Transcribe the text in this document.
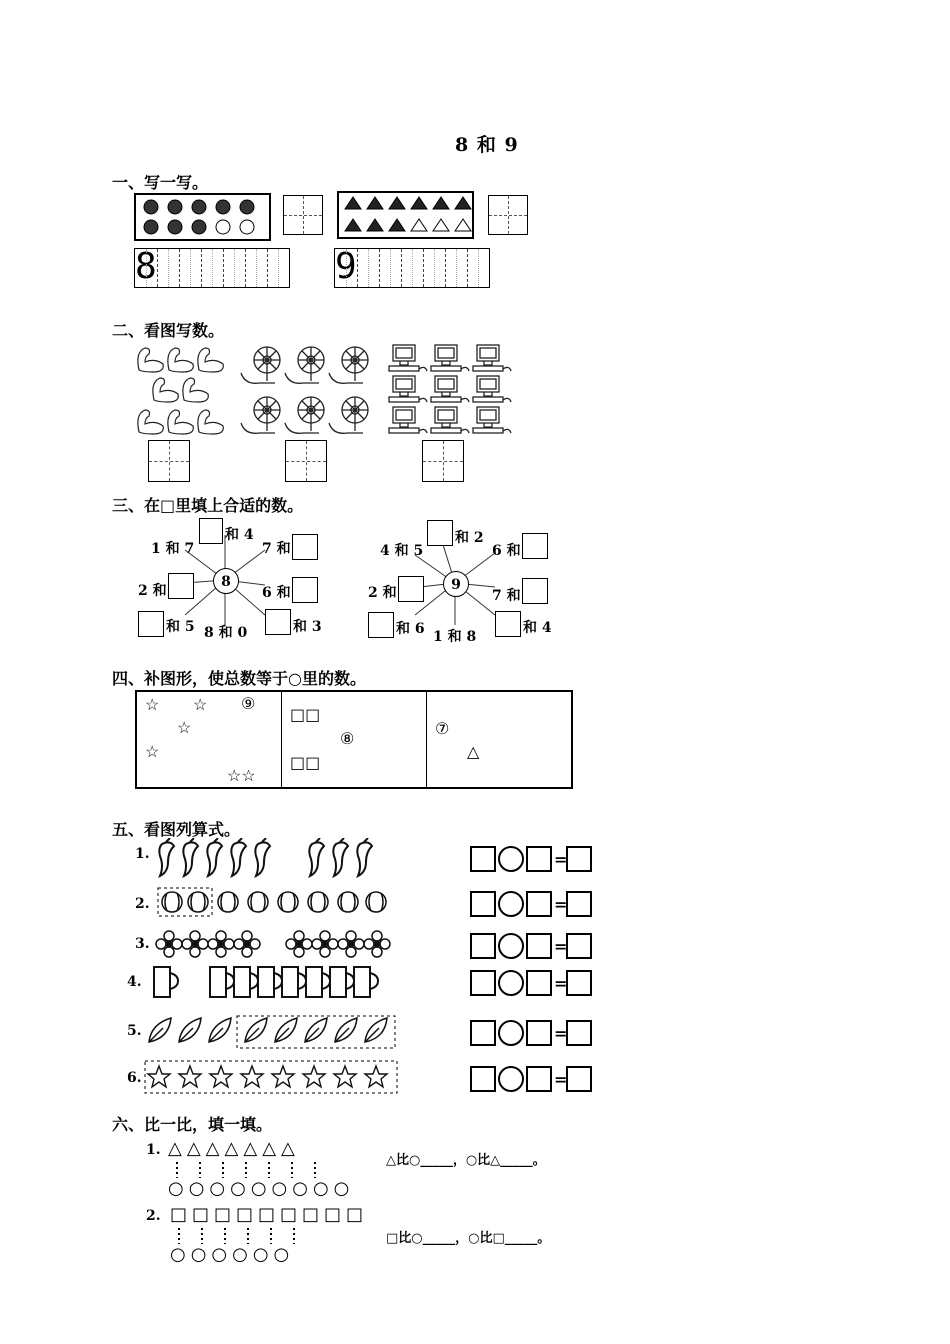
8 和 9
一、写一写。
8	9
二、看图写数。
三、在□里填上合适的数。
8
1 和 7
和 4
7 和
2 和	6 和
和 5 8 和 0	和 3
9
4 和 5
和 2
6 和
2 和	7 和
和 6 1 和 8
和 4
四、补图形，使总数等于○里的数。
☆ ☆ ⑨
☆
☆
☆☆
□□
⑧
□□
⑦
△
五、看图列算式。
1.	=
2.	=
3.	=
4.	=
5.	=
6.	=
六、比一比，填一填。
1. △△△△△△△
○○○○○○○○○
△比○_____，○比△_____。
2. □□□□□□□□□
○○○○○○
□比○_____，○比□_____。
